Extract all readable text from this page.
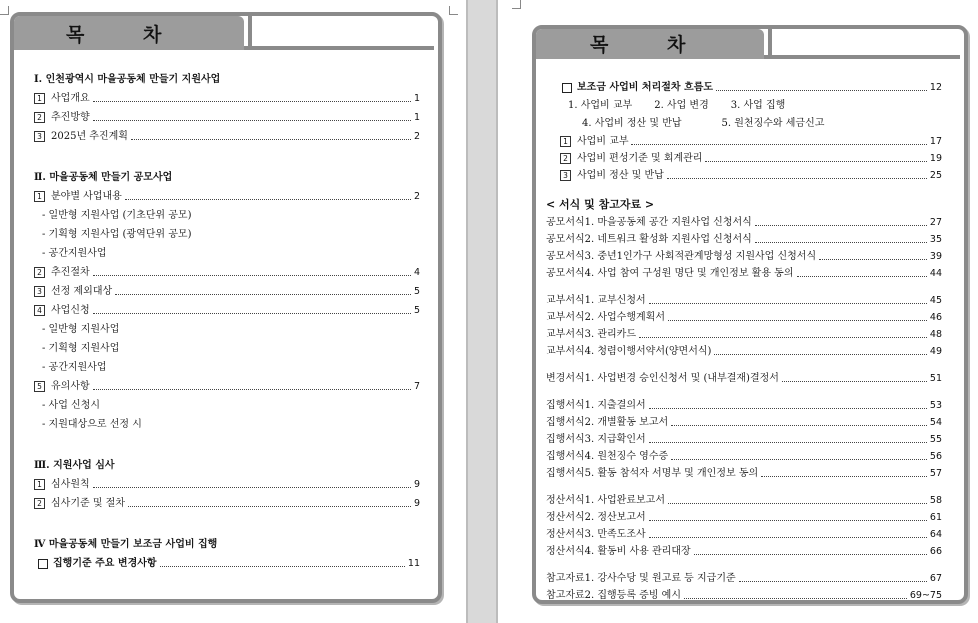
목 차
Ⅰ. 인천광역시 마을공동체 만들기 지원사업
1 사업개요	1
2 추진방향	1
3 2025년 추진계획	2
Ⅱ. 마을공동체 만들기 공모사업
1 분야별 사업내용	2
- 일반형 지원사업 (기초단위 공모)
- 기획형 지원사업 (광역단위 공모)
- 공간지원사업
2 추진절차	4
3 선정 제외대상	5
4 사업신청	5
- 일반형 지원사업
- 기획형 지원사업
- 공간지원사업
5 유의사항	7
- 사업 신청시
- 지원대상으로 선정 시
Ⅲ. 지원사업 심사
1 심사원칙	9
2 심사기준 및 절차	9
Ⅳ 마을공동체 만들기 보조금 사업비 집행
집행기준 주요 변경사항	11
목 차
보조금 사업비 처리절차 흐름도	12
1. 사업비 교부 2. 사업 변경 3. 사업 집행
4. 사업비 정산 및 반납	5. 원천징수와 세금신고
1 사업비 교부	17
2 사업비 편성기준 및 회계관리	19
3 사업비 정산 및 반납	25
< 서식 및 참고자료 >
공모서식1. 마을공동체 공간 지원사업 신청서식	27
공모서식2. 네트워크 활성화 지원사업 신청서식	35
공모서식3. 중년1인가구 사회적관계망형성 지원사업 신청서식	39
공모서식4. 사업 참여 구성원 명단 및 개인정보 활용 동의	44
교부서식1. 교부신청서	45
교부서식2. 사업수행계획서	46
교부서식3. 관리카드	48
교부서식4. 청렴이행서약서(양면서식)	49
변경서식1. 사업변경 승인신청서 및 (내부결재)결정서	51
집행서식1. 지출결의서	53
집행서식2. 개별활동 보고서	54
집행서식3. 지급확인서	55
집행서식4. 원천징수 영수증	56
집행서식5. 활동 참석자 서명부 및 개인정보 동의	57
정산서식1. 사업완료보고서	58
정산서식2. 정산보고서	61
정산서식3. 만족도조사	64
정산서식4. 활동비 사용 관리대장	66
참고자료1. 강사수당 및 원고료 등 지급기준	67
참고자료2. 집행등록 증빙 예시	69~75
